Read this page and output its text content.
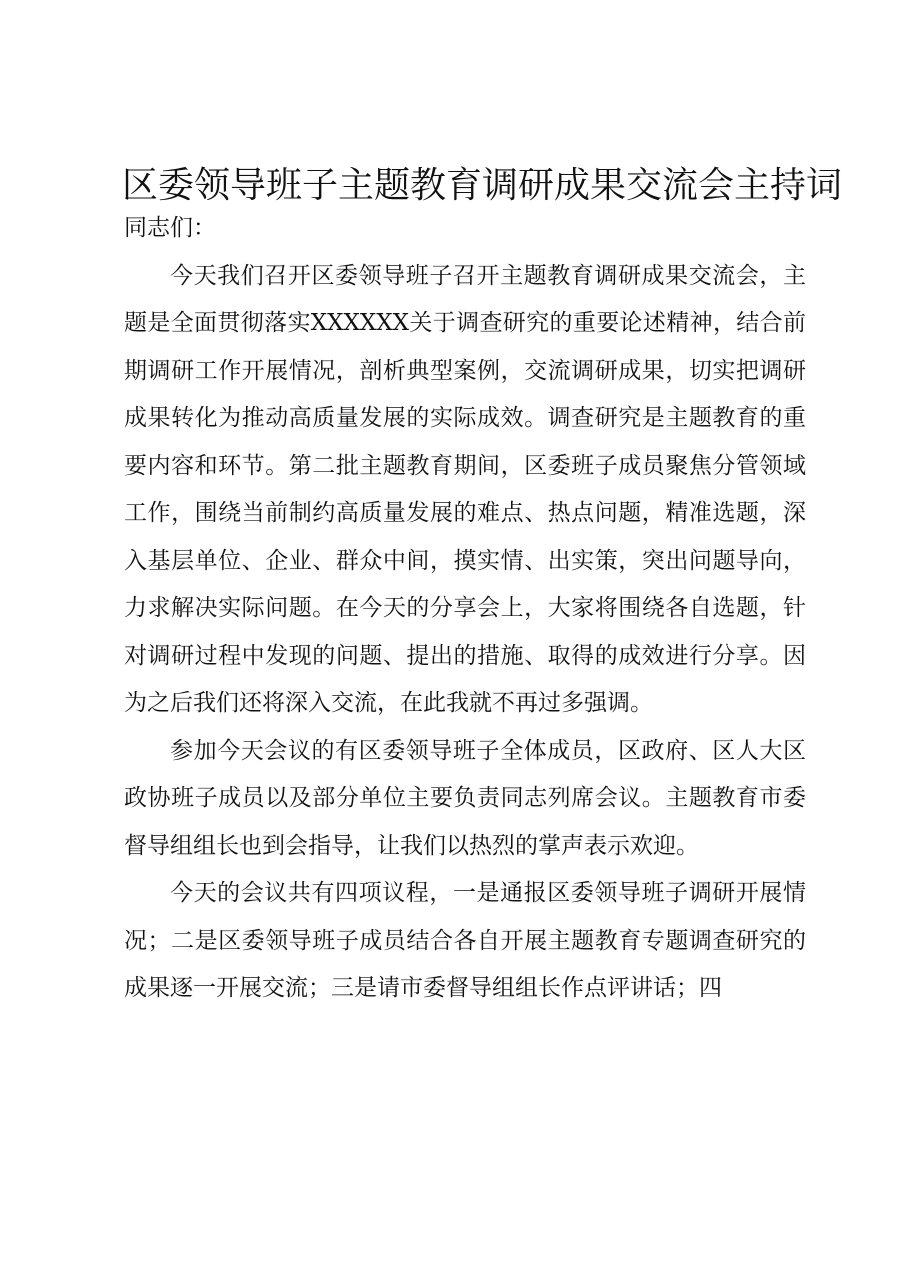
区委领导班子主题教育调研成果交流会主持词

同志们：

今天我们召开区委领导班子召开主题教育调研成果交流会，主题是全面贯彻落实XXXXXX关于调查研究的重要论述精神，结合前期调研工作开展情况，剖析典型案例，交流调研成果，切实把调研成果转化为推动高质量发展的实际成效。调查研究是主题教育的重要内容和环节。第二批主题教育期间，区委班子成员聚焦分管领域工作，围绕当前制约高质量发展的难点、热点问题，精准选题，深入基层单位、企业、群众中间，摸实情、出实策，突出问题导向，力求解决实际问题。在今天的分享会上，大家将围绕各自选题，针对调研过程中发现的问题、提出的措施、取得的成效进行分享。因为之后我们还将深入交流，在此我就不再过多强调。

参加今天会议的有区委领导班子全体成员，区政府、区人大区政协班子成员以及部分单位主要负责同志列席会议。主题教育市委督导组组长也到会指导，让我们以热烈的掌声表示欢迎。

今天的会议共有四项议程，一是通报区委领导班子调研开展情况；二是区委领导班子成员结合各自开展主题教育专题调查研究的成果逐一开展交流；三是请市委督导组组长作点评讲话；四
